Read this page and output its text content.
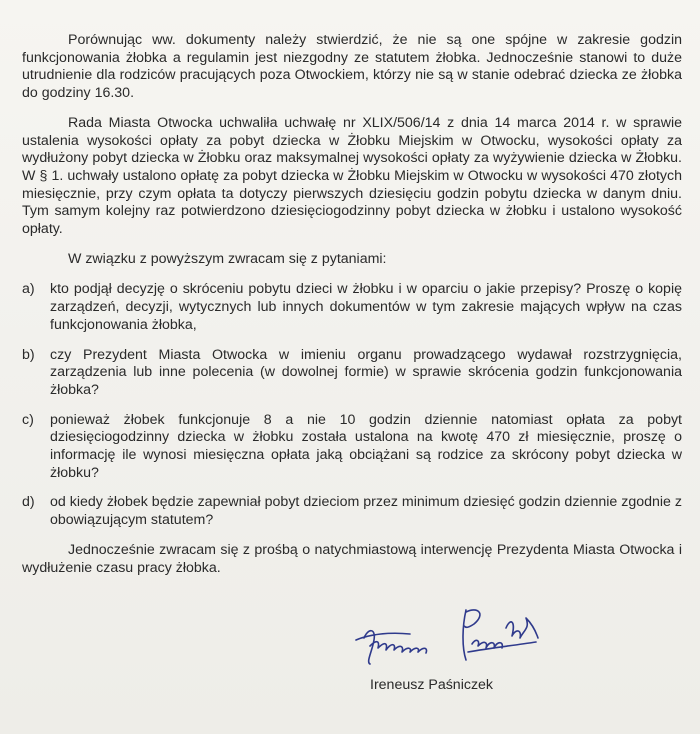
Porównując ww. dokumenty należy stwierdzić, że nie są one spójne w zakresie godzin funkcjonowania żłobka a regulamin jest niezgodny ze statutem żłobka. Jednocześnie stanowi to duże utrudnienie dla rodziców pracujących poza Otwockiem, którzy nie są w stanie odebrać dziecka ze żłobka do godziny 16.30.

Rada Miasta Otwocka uchwaliła uchwałę nr XLIX/506/14 z dnia 14 marca 2014 r. w sprawie ustalenia wysokości opłaty za pobyt dziecka w Żłobku Miejskim w Otwocku, wysokości opłaty za wydłużony pobyt dziecka w Żłobku oraz maksymalnej wysokości opłaty za wyżywienie dziecka w Żłobku. W § 1. uchwały ustalono opłatę za pobyt dziecka w Żłobku Miejskim w Otwocku w wysokości 470 złotych miesięcznie, przy czym opłata ta dotyczy pierwszych dziesięciu godzin pobytu dziecka w danym dniu. Tym samym kolejny raz potwierdzono dziesięciogodzinny pobyt dziecka w żłobku i ustalono wysokość opłaty.

W związku z powyższym zwracam się z pytaniami:

a) kto podjął decyzję o skróceniu pobytu dzieci w żłobku i w oparciu o jakie przepisy? Proszę o kopię zarządzeń, decyzji, wytycznych lub innych dokumentów w tym zakresie mających wpływ na czas funkcjonowania żłobka,
b) czy Prezydent Miasta Otwocka w imieniu organu prowadzącego wydawał rozstrzygnięcia, zarządzenia lub inne polecenia (w dowolnej formie) w sprawie skrócenia godzin funkcjonowania żłobka?
c) ponieważ żłobek funkcjonuje 8 a nie 10 godzin dziennie natomiast opłata za pobyt dziesięciogodzinny dziecka w żłobku została ustalona na kwotę 470 zł miesięcznie, proszę o informację ile wynosi miesięczna opłata jaką obciążani są rodzice za skrócony pobyt dziecka w żłobku?
d) od kiedy żłobek będzie zapewniał pobyt dzieciom przez minimum dziesięć godzin dziennie zgodnie z obowiązującym statutem?

Jednocześnie zwracam się z prośbą o natychmiastową interwencję Prezydenta Miasta Otwocka i wydłużenie czasu pracy żłobka.

Ireneusz Paśniczek
